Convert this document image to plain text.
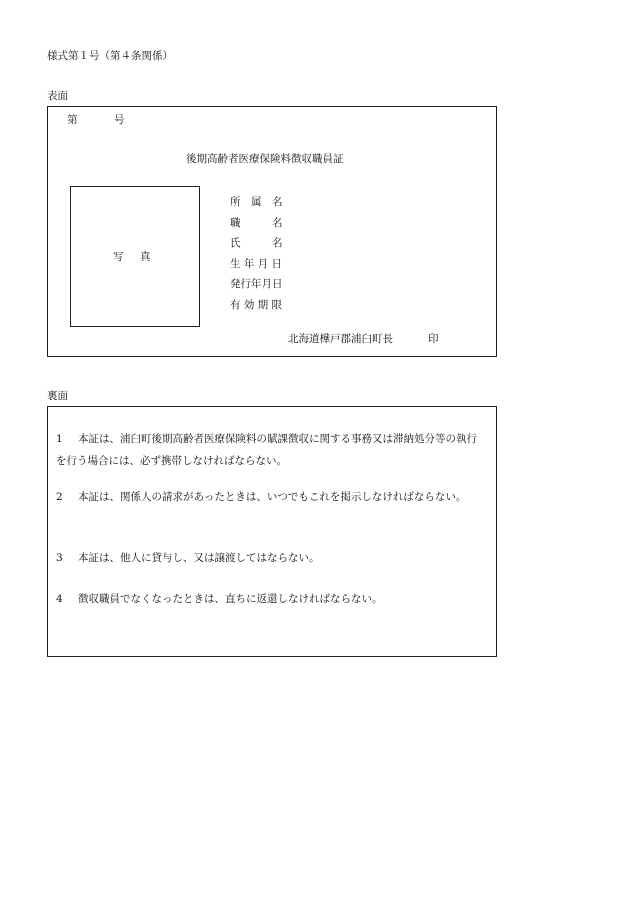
様式第１号（第４条関係）
表面
第	号
後期高齢者医療保険料徴収職員証
写　真
所　属　名
職　　　名
氏　　　名
生 年 月 日
発行年月日
有 効 期 限
北海道樺戸郡浦臼町長	印
裏面
1 本証は、浦臼町後期高齢者医療保険料の賦課徴収に関する事務又は滞納処分等の執行を行う場合には、必ず携帯しなければならない。
2 本証は、関係人の請求があったときは、いつでもこれを掲示しなければならない。
3 本証は、他人に貸与し、又は譲渡してはならない。
4 徴収職員でなくなったときは、直ちに返還しなければならない。
